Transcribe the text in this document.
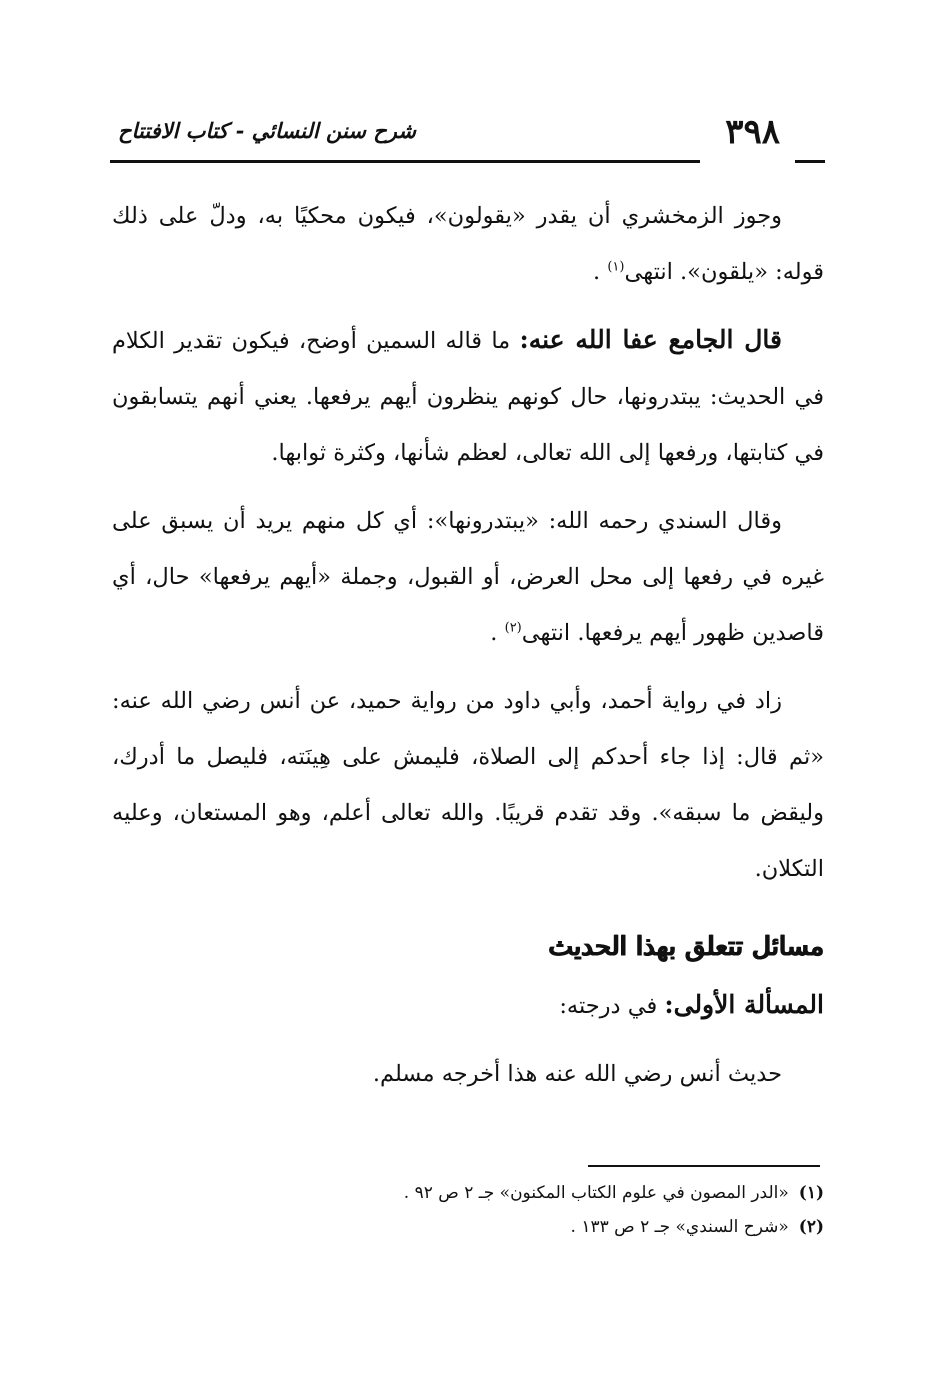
شرح سنن النسائي - كتاب الافتتاح	٣٩٨

وجوز الزمخشري أن يقدر «يقولون»، فيكون محكيًا به، ودلّ على ذلك قوله: «يلقون». انتهى$^{(١)}$ .

قال الجامع عفا الله عنه: ما قاله السمين أوضح، فيكون تقدير الكلام في الحديث: يبتدرونها، حال كونهم ينظرون أيهم يرفعها. يعني أنهم يتسابقون في كتابتها، ورفعها إلى الله تعالى، لعظم شأنها، وكثرة ثوابها.

وقال السندي رحمه الله: «يبتدرونها»: أي كل منهم يريد أن يسبق على غيره في رفعها إلى محل العرض، أو القبول، وجملة «أيهم يرفعها» حال، أي قاصدين ظهور أيهم يرفعها. انتهى$^{(٢)}$ .

زاد في رواية أحمد، وأبي داود من رواية حميد، عن أنس رضي الله عنه: «ثم قال: إذا جاء أحدكم إلى الصلاة، فليمش على هِينَته، فليصل ما أدرك، وليقض ما سبقه». وقد تقدم قريبًا. والله تعالى أعلم، وهو المستعان، وعليه التكلان.

مسائل تتعلق بهذا الحديث

المسألة الأولى: في درجته:

حديث أنس رضي الله عنه هذا أخرجه مسلم.

(١)«الدر المصون في علوم الكتاب المكنون» جـ ٢ ص ٩٢ .

(٢)«شرح السندي» جـ ٢ ص ١٣٣ .
